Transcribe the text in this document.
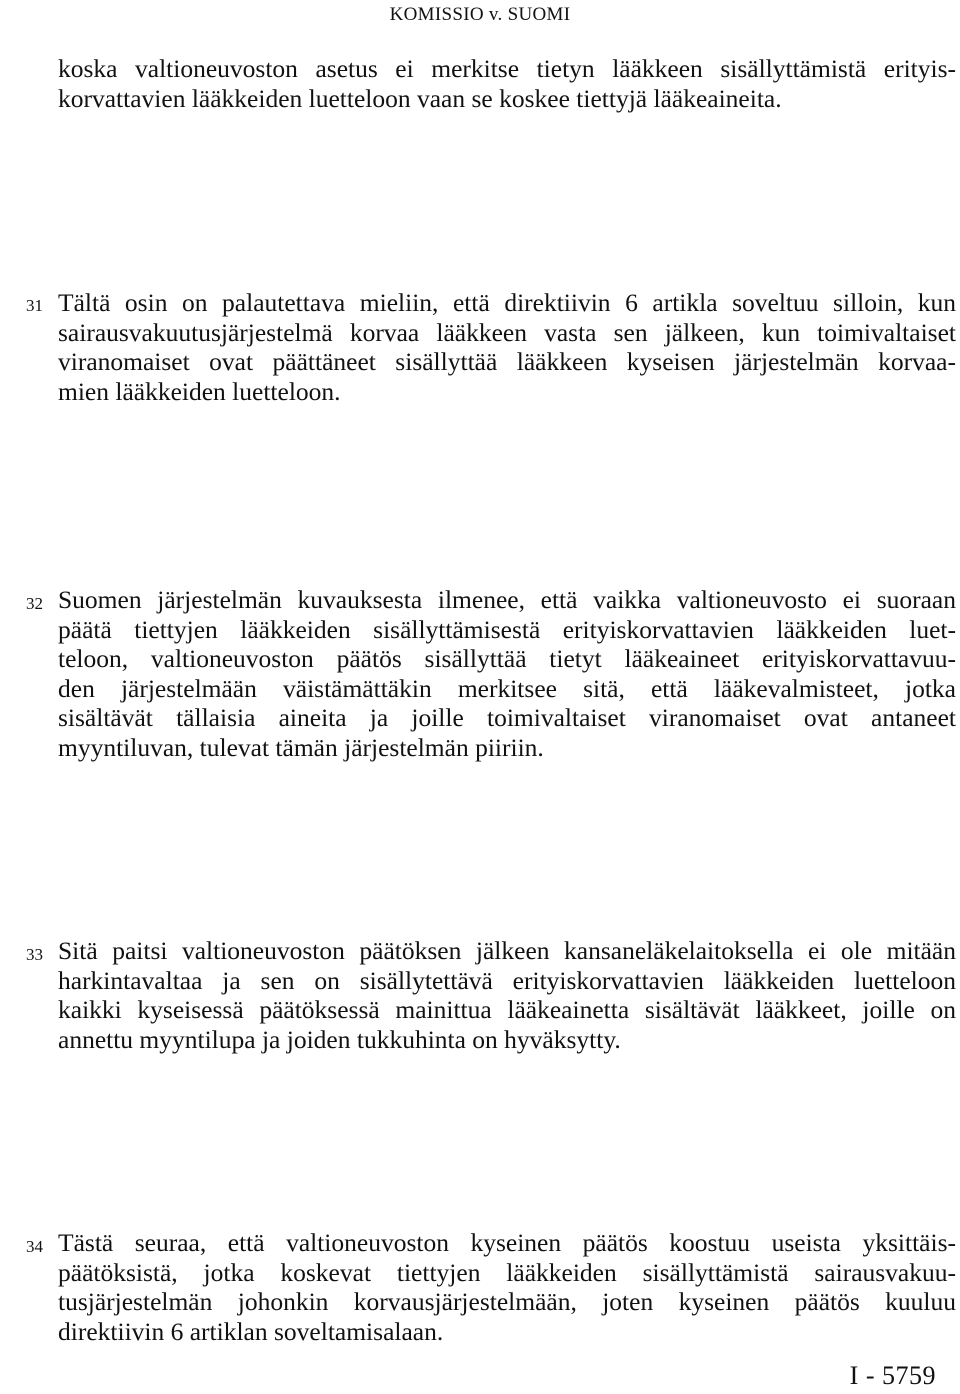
KOMISSIO v. SUOMI
koska valtioneuvoston asetus ei merkitse tietyn lääkkeen sisällyttämistä erityis-
korvattavien lääkkeiden luetteloon vaan se koskee tiettyjä lääkeaineita.
31 Tältä osin on palautettava mieliin, että direktiivin 6 artikla soveltuu silloin, kun
sairausvakuutusjärjestelmä korvaa lääkkeen vasta sen jälkeen, kun toimivaltaiset
viranomaiset ovat päättäneet sisällyttää lääkkeen kyseisen järjestelmän korvaa-
mien lääkkeiden luetteloon.
32 Suomen järjestelmän kuvauksesta ilmenee, että vaikka valtioneuvosto ei suoraan
päätä tiettyjen lääkkeiden sisällyttämisestä erityiskorvattavien lääkkeiden luet-
teloon, valtioneuvoston päätös sisällyttää tietyt lääkeaineet erityiskorvattavuu-
den järjestelmään väistämättäkin merkitsee sitä, että lääkevalmisteet, jotka
sisältävät tällaisia aineita ja joille toimivaltaiset viranomaiset ovat antaneet
myyntiluvan, tulevat tämän järjestelmän piiriin.
33 Sitä paitsi valtioneuvoston päätöksen jälkeen kansaneläkelaitoksella ei ole mitään
harkintavaltaa ja sen on sisällytettävä erityiskorvattavien lääkkeiden luetteloon
kaikki kyseisessä päätöksessä mainittua lääkeainetta sisältävät lääkkeet, joille on
annettu myyntilupa ja joiden tukkuhinta on hyväksytty.
34 Tästä seuraa, että valtioneuvoston kyseinen päätös koostuu useista yksittäis-
päätöksistä, jotka koskevat tiettyjen lääkkeiden sisällyttämistä sairausvakuu-
tusjärjestelmän johonkin korvausjärjestelmään, joten kyseinen päätös kuuluu
direktiivin 6 artiklan soveltamisalaan.
I - 5759
